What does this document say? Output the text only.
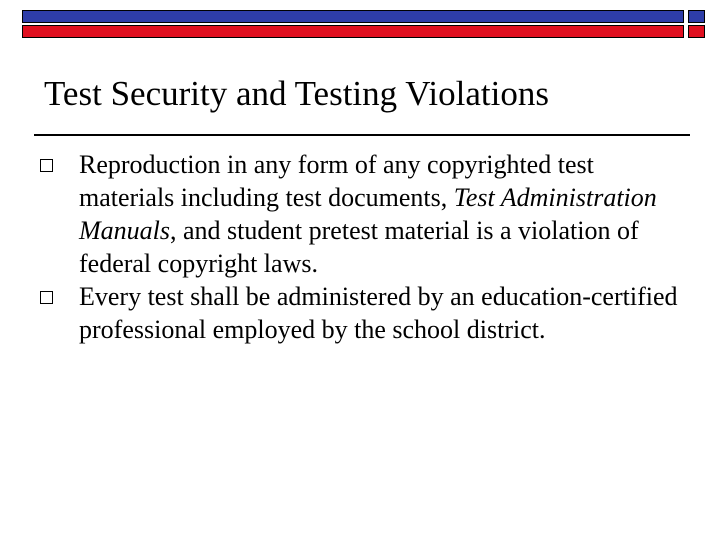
Test Security and Testing Violations
Reproduction in any form of any copyrighted test materials including test documents, Test Administration Manuals, and student pretest material is a violation of federal copyright laws.
Every test shall be administered by an education-certified professional employed by the school district.
